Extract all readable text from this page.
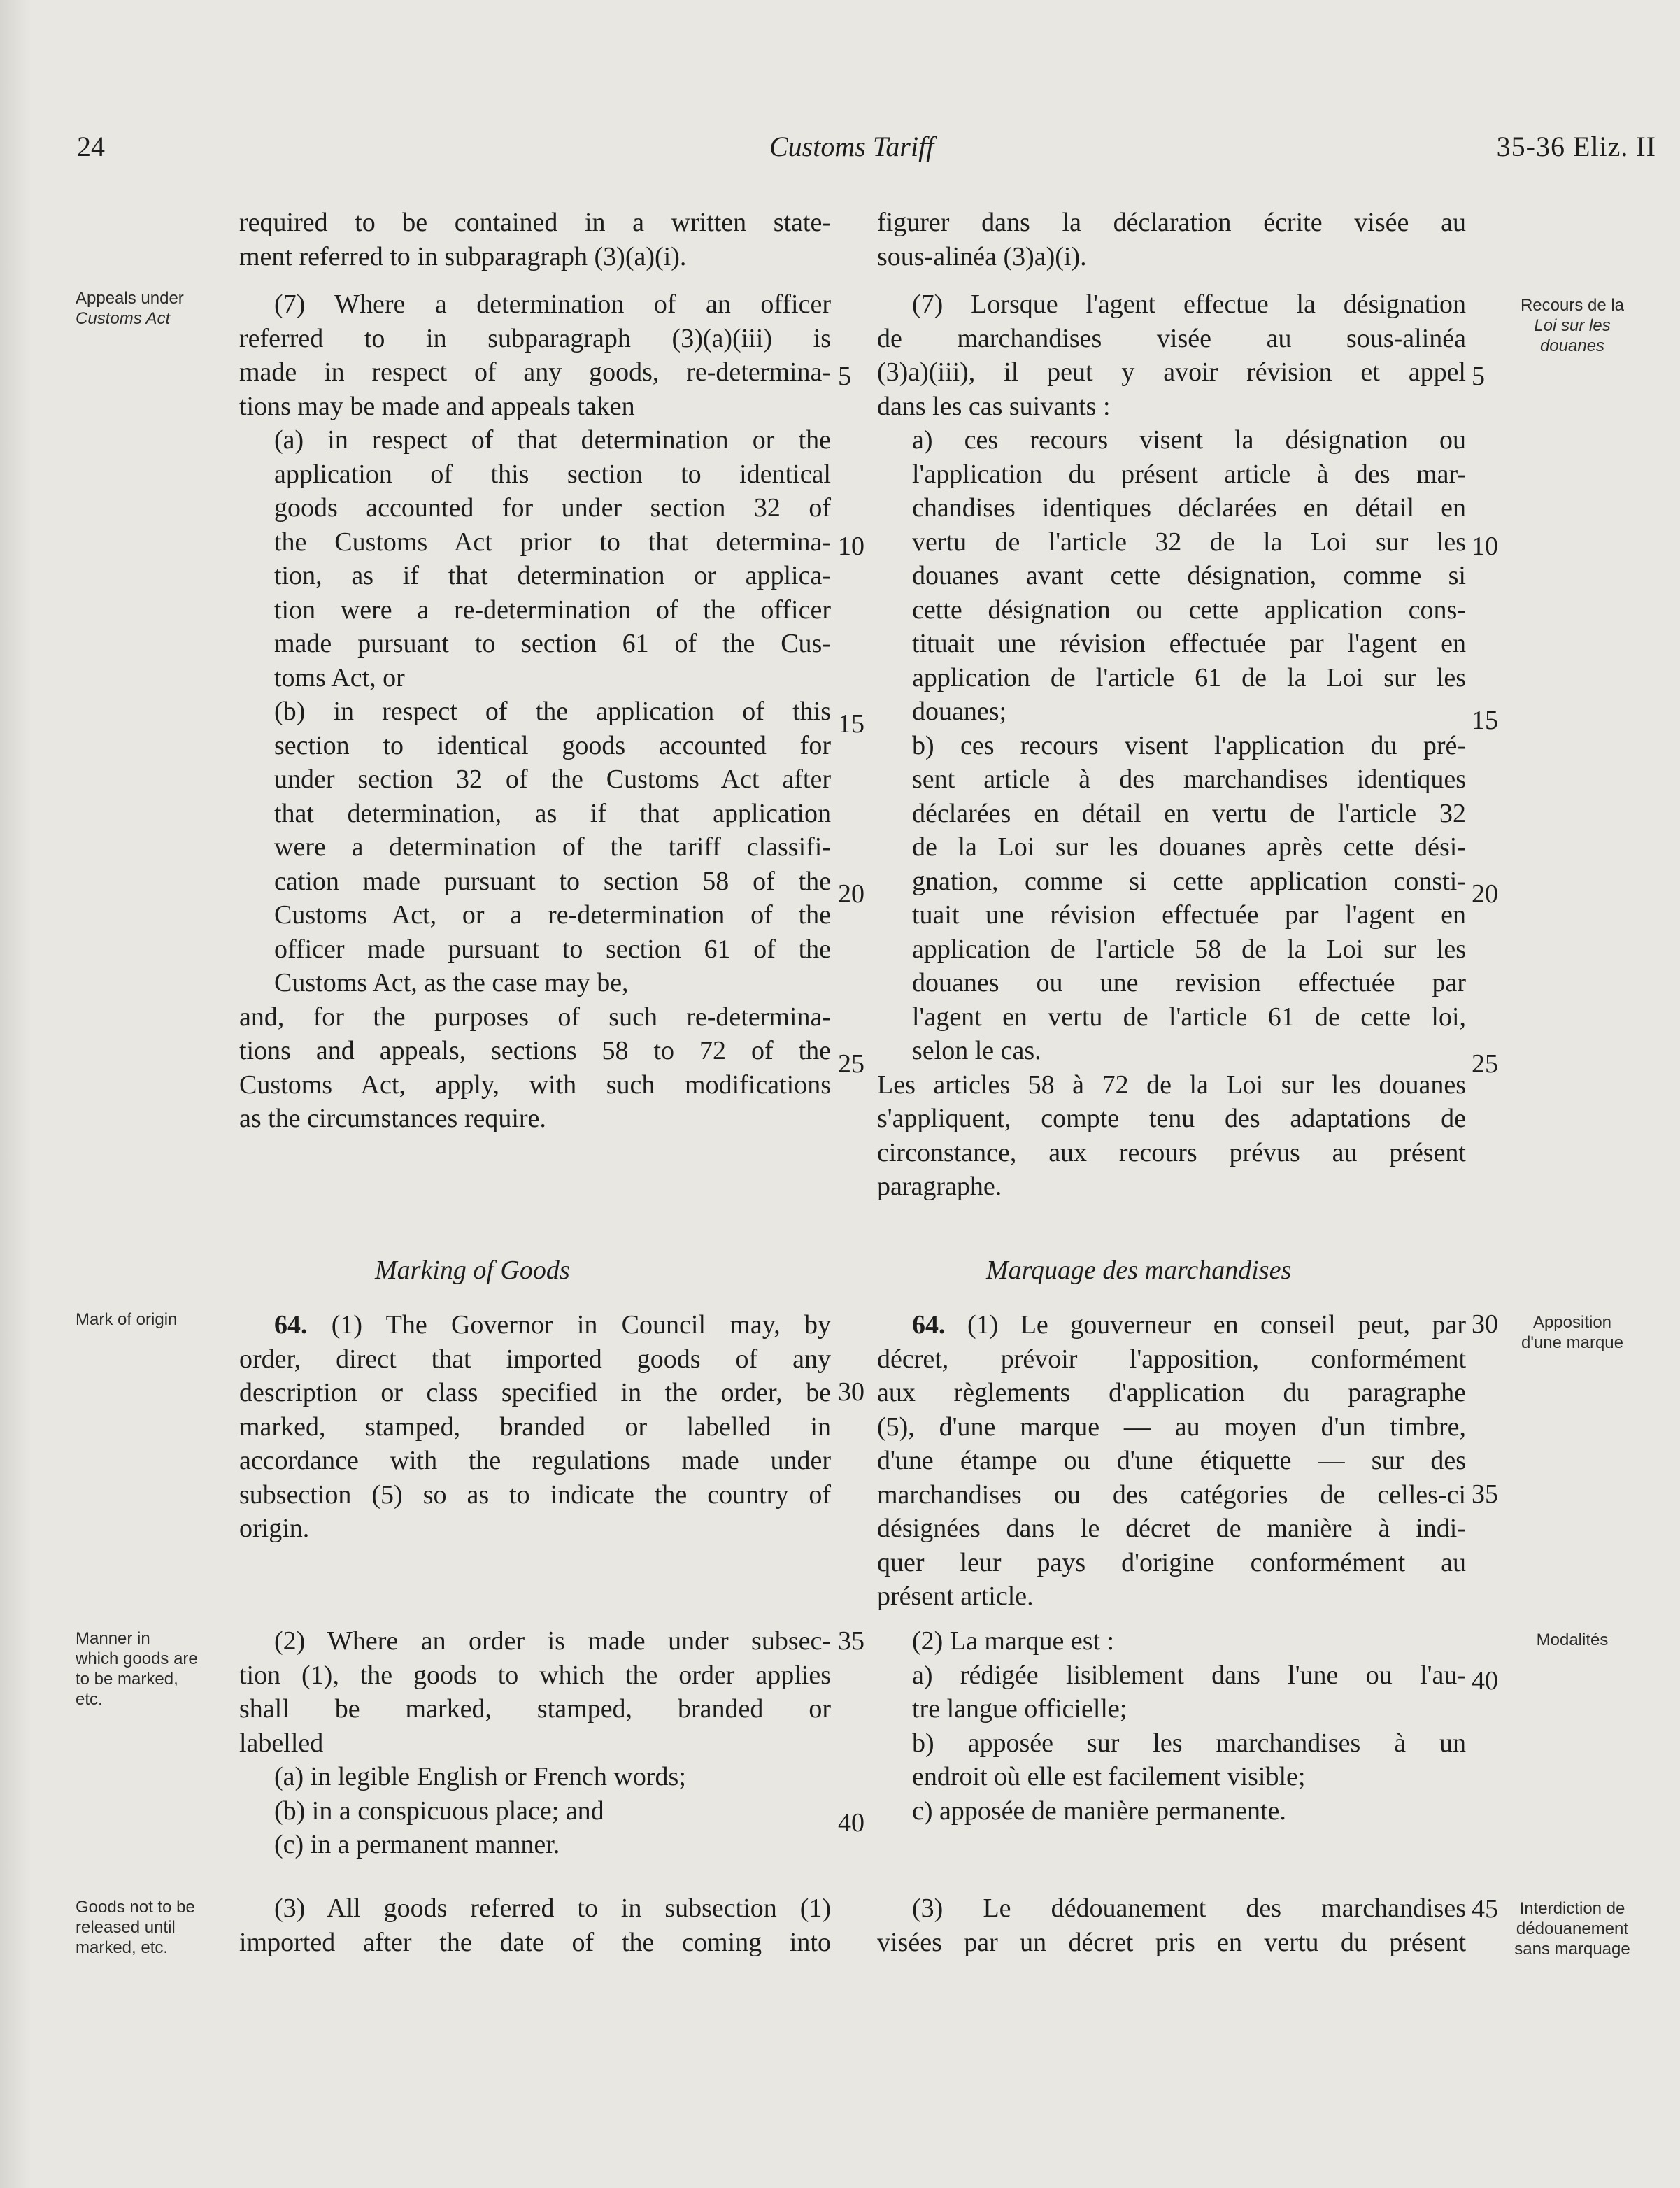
24	Customs Tariff	35-36 Eliz. II
Appeals under
Customs Act
Mark of origin
Manner in
which goods are
to be marked,
etc.
Goods not to be
released until
marked, etc.
Recours de la
Loi sur les
douanes
Apposition
d'une marque
Modalités
Interdiction de
dédouanement
sans marquage
5
10
15
20
25
30
35
40
5
10
15
20
25
30
35
40
45
required to be contained in a written state-
ment referred to in subparagraph (3)(a)(i).
(7) Where a determination of an officer
referred to in subparagraph (3)(a)(iii) is
made in respect of any goods, re-determina-
tions may be made and appeals taken
(a) in respect of that determination or the
application of this section to identical
goods accounted for under section 32 of
the Customs Act prior to that determina-
tion, as if that determination or applica-
tion were a re-determination of the officer
made pursuant to section 61 of the Cus-
toms Act, or
(b) in respect of the application of this
section to identical goods accounted for
under section 32 of the Customs Act after
that determination, as if that application
were a determination of the tariff classifi-
cation made pursuant to section 58 of the
Customs Act, or a re-determination of the
officer made pursuant to section 61 of the
Customs Act, as the case may be,
and, for the purposes of such re-determina-
tions and appeals, sections 58 to 72 of the
Customs Act, apply, with such modifications
as the circumstances require.
Marking of Goods	Marquage des marchandises
64. (1) The Governor in Council may, by
order, direct that imported goods of any
description or class specified in the order, be
marked, stamped, branded or labelled in
accordance with the regulations made under
subsection (5) so as to indicate the country of
origin.
(2) Where an order is made under subsec-
tion (1), the goods to which the order applies
shall be marked, stamped, branded or
labelled
(a) in legible English or French words;
(b) in a conspicuous place; and
(c) in a permanent manner.
(3) All goods referred to in subsection (1)
imported after the date of the coming into
figurer dans la déclaration écrite visée au
sous-alinéa (3)a)(i).
(7) Lorsque l'agent effectue la désignation
de marchandises visée au sous-alinéa
(3)a)(iii), il peut y avoir révision et appel
dans les cas suivants :
a) ces recours visent la désignation ou
l'application du présent article à des mar-
chandises identiques déclarées en détail en
vertu de l'article 32 de la Loi sur les
douanes avant cette désignation, comme si
cette désignation ou cette application cons-
tituait une révision effectuée par l'agent en
application de l'article 61 de la Loi sur les
douanes;
b) ces recours visent l'application du pré-
sent article à des marchandises identiques
déclarées en détail en vertu de l'article 32
de la Loi sur les douanes après cette dési-
gnation, comme si cette application consti-
tuait une révision effectuée par l'agent en
application de l'article 58 de la Loi sur les
douanes ou une revision effectuée par
l'agent en vertu de l'article 61 de cette loi,
selon le cas.
Les articles 58 à 72 de la Loi sur les douanes
s'appliquent, compte tenu des adaptations de
circonstance, aux recours prévus au présent
paragraphe.
64. (1) Le gouverneur en conseil peut, par
décret, prévoir l'apposition, conformément
aux règlements d'application du paragraphe
(5), d'une marque — au moyen d'un timbre,
d'une étampe ou d'une étiquette — sur des
marchandises ou des catégories de celles-ci
désignées dans le décret de manière à indi-
quer leur pays d'origine conformément au
présent article.
(2) La marque est :
a) rédigée lisiblement dans l'une ou l'au-
tre langue officielle;
b) apposée sur les marchandises à un
endroit où elle est facilement visible;
c) apposée de manière permanente.
(3) Le dédouanement des marchandises
visées par un décret pris en vertu du présent
